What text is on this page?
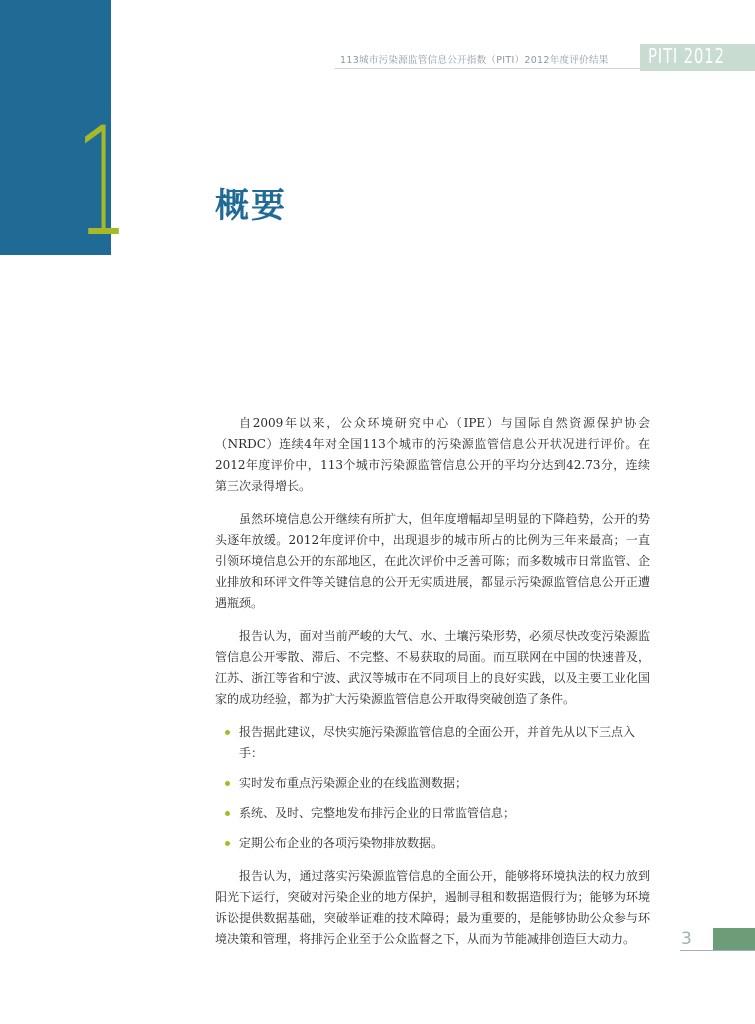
1
113城市污染源监管信息公开指数（PITI）2012年度评价结果 PITI 2012
概要

自2009年以来，公众环境研究中心（IPE）与国际自然资源保护协会（NRDC）连续4年对全国113个城市的污染源监管信息公开状况进行评价。在2012年度评价中，113个城市污染源监管信息公开的平均分达到42.73分，连续第三次录得增长。

虽然环境信息公开继续有所扩大，但年度增幅却呈明显的下降趋势，公开的势头逐年放缓。2012年度评价中，出现退步的城市所占的比例为三年来最高；一直引领环境信息公开的东部地区，在此次评价中乏善可陈；而多数城市日常监管、企业排放和环评文件等关键信息的公开无实质进展，都显示污染源监管信息公开正遭遇瓶颈。

报告认为，面对当前严峻的大气、水、土壤污染形势，必须尽快改变污染源监管信息公开零散、滞后、不完整、不易获取的局面。而互联网在中国的快速普及，江苏、浙江等省和宁波、武汉等城市在不同项目上的良好实践，以及主要工业化国家的成功经验，都为扩大污染源监管信息公开取得突破创造了条件。

报告据此建议，尽快实施污染源监管信息的全面公开，并首先从以下三点入手：
实时发布重点污染源企业的在线监测数据；
系统、及时、完整地发布排污企业的日常监管信息；
定期公布企业的各项污染物排放数据。

报告认为，通过落实污染源监管信息的全面公开，能够将环境执法的权力放到阳光下运行，突破对污染企业的地方保护，遏制寻租和数据造假行为；能够为环境诉讼提供数据基础，突破举证难的技术障碍；最为重要的，是能够协助公众参与环境决策和管理，将排污企业至于公众监督之下，从而为节能减排创造巨大动力。	3
